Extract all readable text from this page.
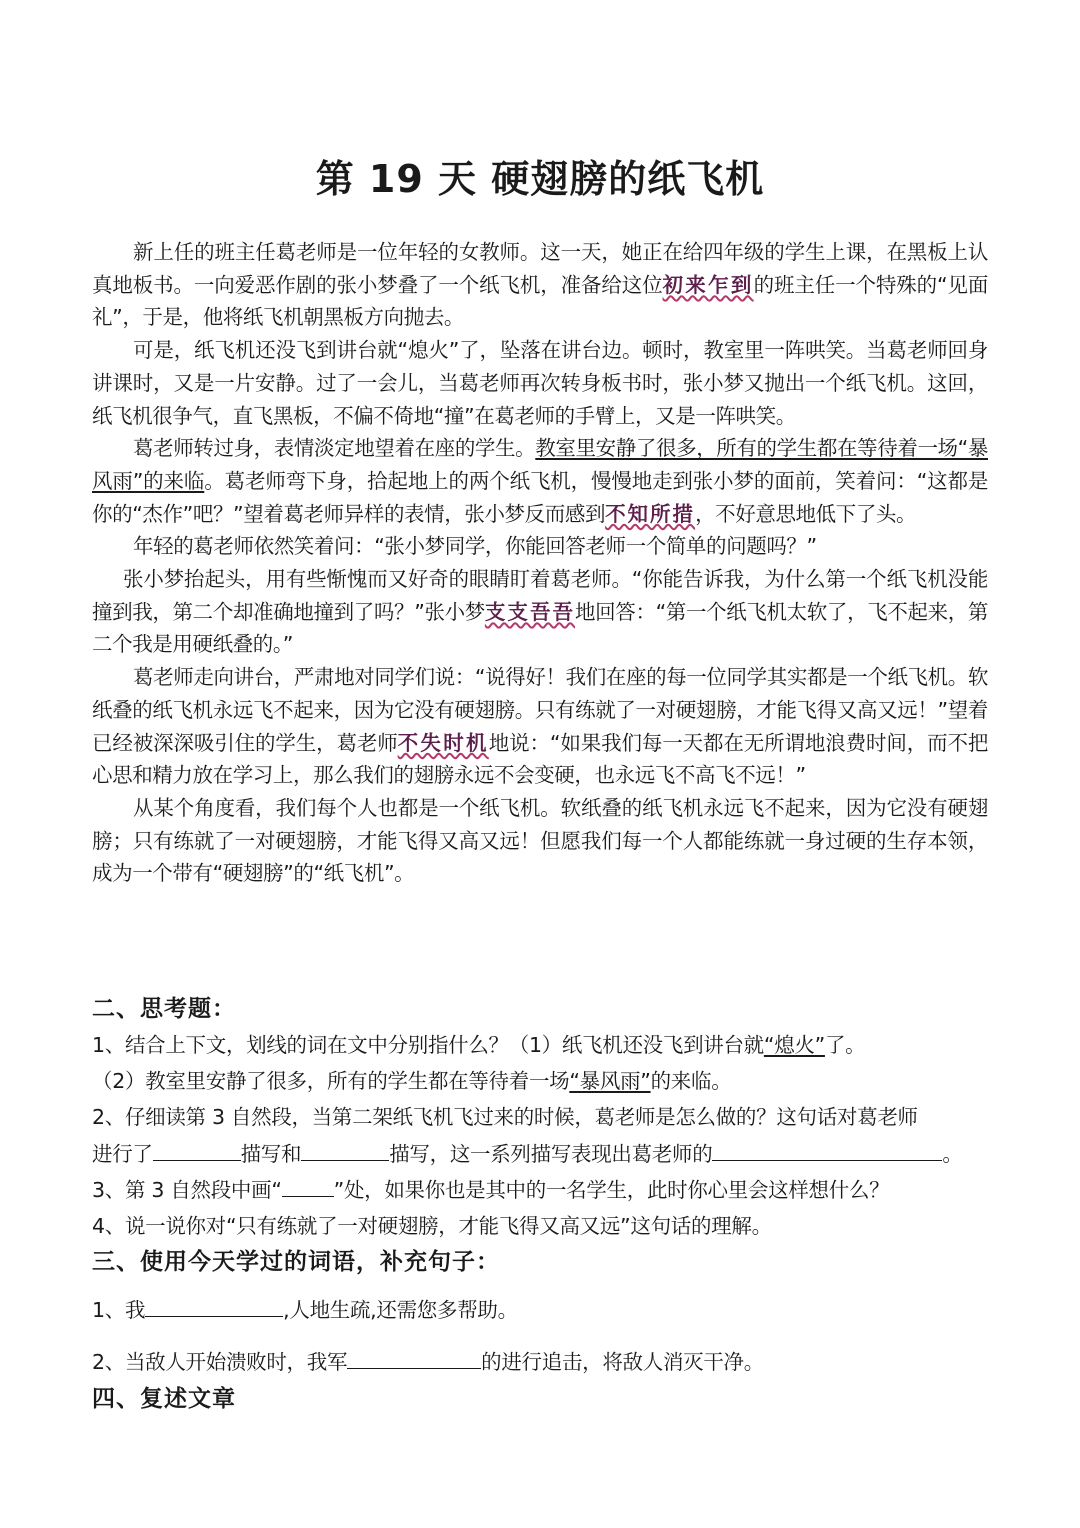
第 19 天 硬翅膀的纸飞机

新上任的班主任葛老师是一位年轻的女教师。这一天，她正在给四年级的学生上课，在黑板上认真地板书。一向爱恶作剧的张小梦叠了一个纸飞机，准备给这位初来乍到的班主任一个特殊的“见面礼”，于是，他将纸飞机朝黑板方向抛去。

可是，纸飞机还没飞到讲台就“熄火”了，坠落在讲台边。顿时，教室里一阵哄笑。当葛老师回身讲课时，又是一片安静。过了一会儿，当葛老师再次转身板书时，张小梦又抛出一个纸飞机。这回，纸飞机很争气，直飞黑板，不偏不倚地“撞”在葛老师的手臂上，又是一阵哄笑。

葛老师转过身，表情淡定地望着在座的学生。教室里安静了很多，所有的学生都在等待着一场“暴风雨”的来临。葛老师弯下身，拾起地上的两个纸飞机，慢慢地走到张小梦的面前，笑着问：“这都是你的“杰作”吧？”望着葛老师异样的表情，张小梦反而感到不知所措，不好意思地低下了头。

年轻的葛老师依然笑着问：“张小梦同学，你能回答老师一个简单的问题吗？”

张小梦抬起头，用有些惭愧而又好奇的眼睛盯着葛老师。“你能告诉我，为什么第一个纸飞机没能撞到我，第二个却准确地撞到了吗？”张小梦支支吾吾地回答：“第一个纸飞机太软了，飞不起来，第二个我是用硬纸叠的。”

葛老师走向讲台，严肃地对同学们说：“说得好！我们在座的每一位同学其实都是一个纸飞机。软纸叠的纸飞机永远飞不起来，因为它没有硬翅膀。只有练就了一对硬翅膀，才能飞得又高又远！”望着已经被深深吸引住的学生，葛老师不失时机地说：“如果我们每一天都在无所谓地浪费时间，而不把心思和精力放在学习上，那么我们的翅膀永远不会变硬，也永远飞不高飞不远！”

从某个角度看，我们每个人也都是一个纸飞机。软纸叠的纸飞机永远飞不起来，因为它没有硬翅膀；只有练就了一对硬翅膀，才能飞得又高又远！但愿我们每一个人都能练就一身过硬的生存本领，成为一个带有“硬翅膀”的“纸飞机”。

二、思考题：

1、结合上下文，划线的词在文中分别指什么？（1）纸飞机还没飞到讲台就“熄火”了。

（2）教室里安静了很多，所有的学生都在等待着一场“暴风雨”的来临。

2、仔细读第 3 自然段，当第二架纸飞机飞过来的时候，葛老师是怎么做的？这句话对葛老师

进行了	描写和	描写，这一系列描写表现出葛老师的	。

3、第 3 自然段中画“	”处，如果你也是其中的一名学生，此时你心里会这样想什么？

4、说一说你对“只有练就了一对硬翅膀，才能飞得又高又远”这句话的理解。

三、使用今天学过的词语，补充句子：

1、我	,人地生疏,还需您多帮助。

2、当敌人开始溃败时，我军	的进行追击，将敌人消灭干净。

四、复述文章
